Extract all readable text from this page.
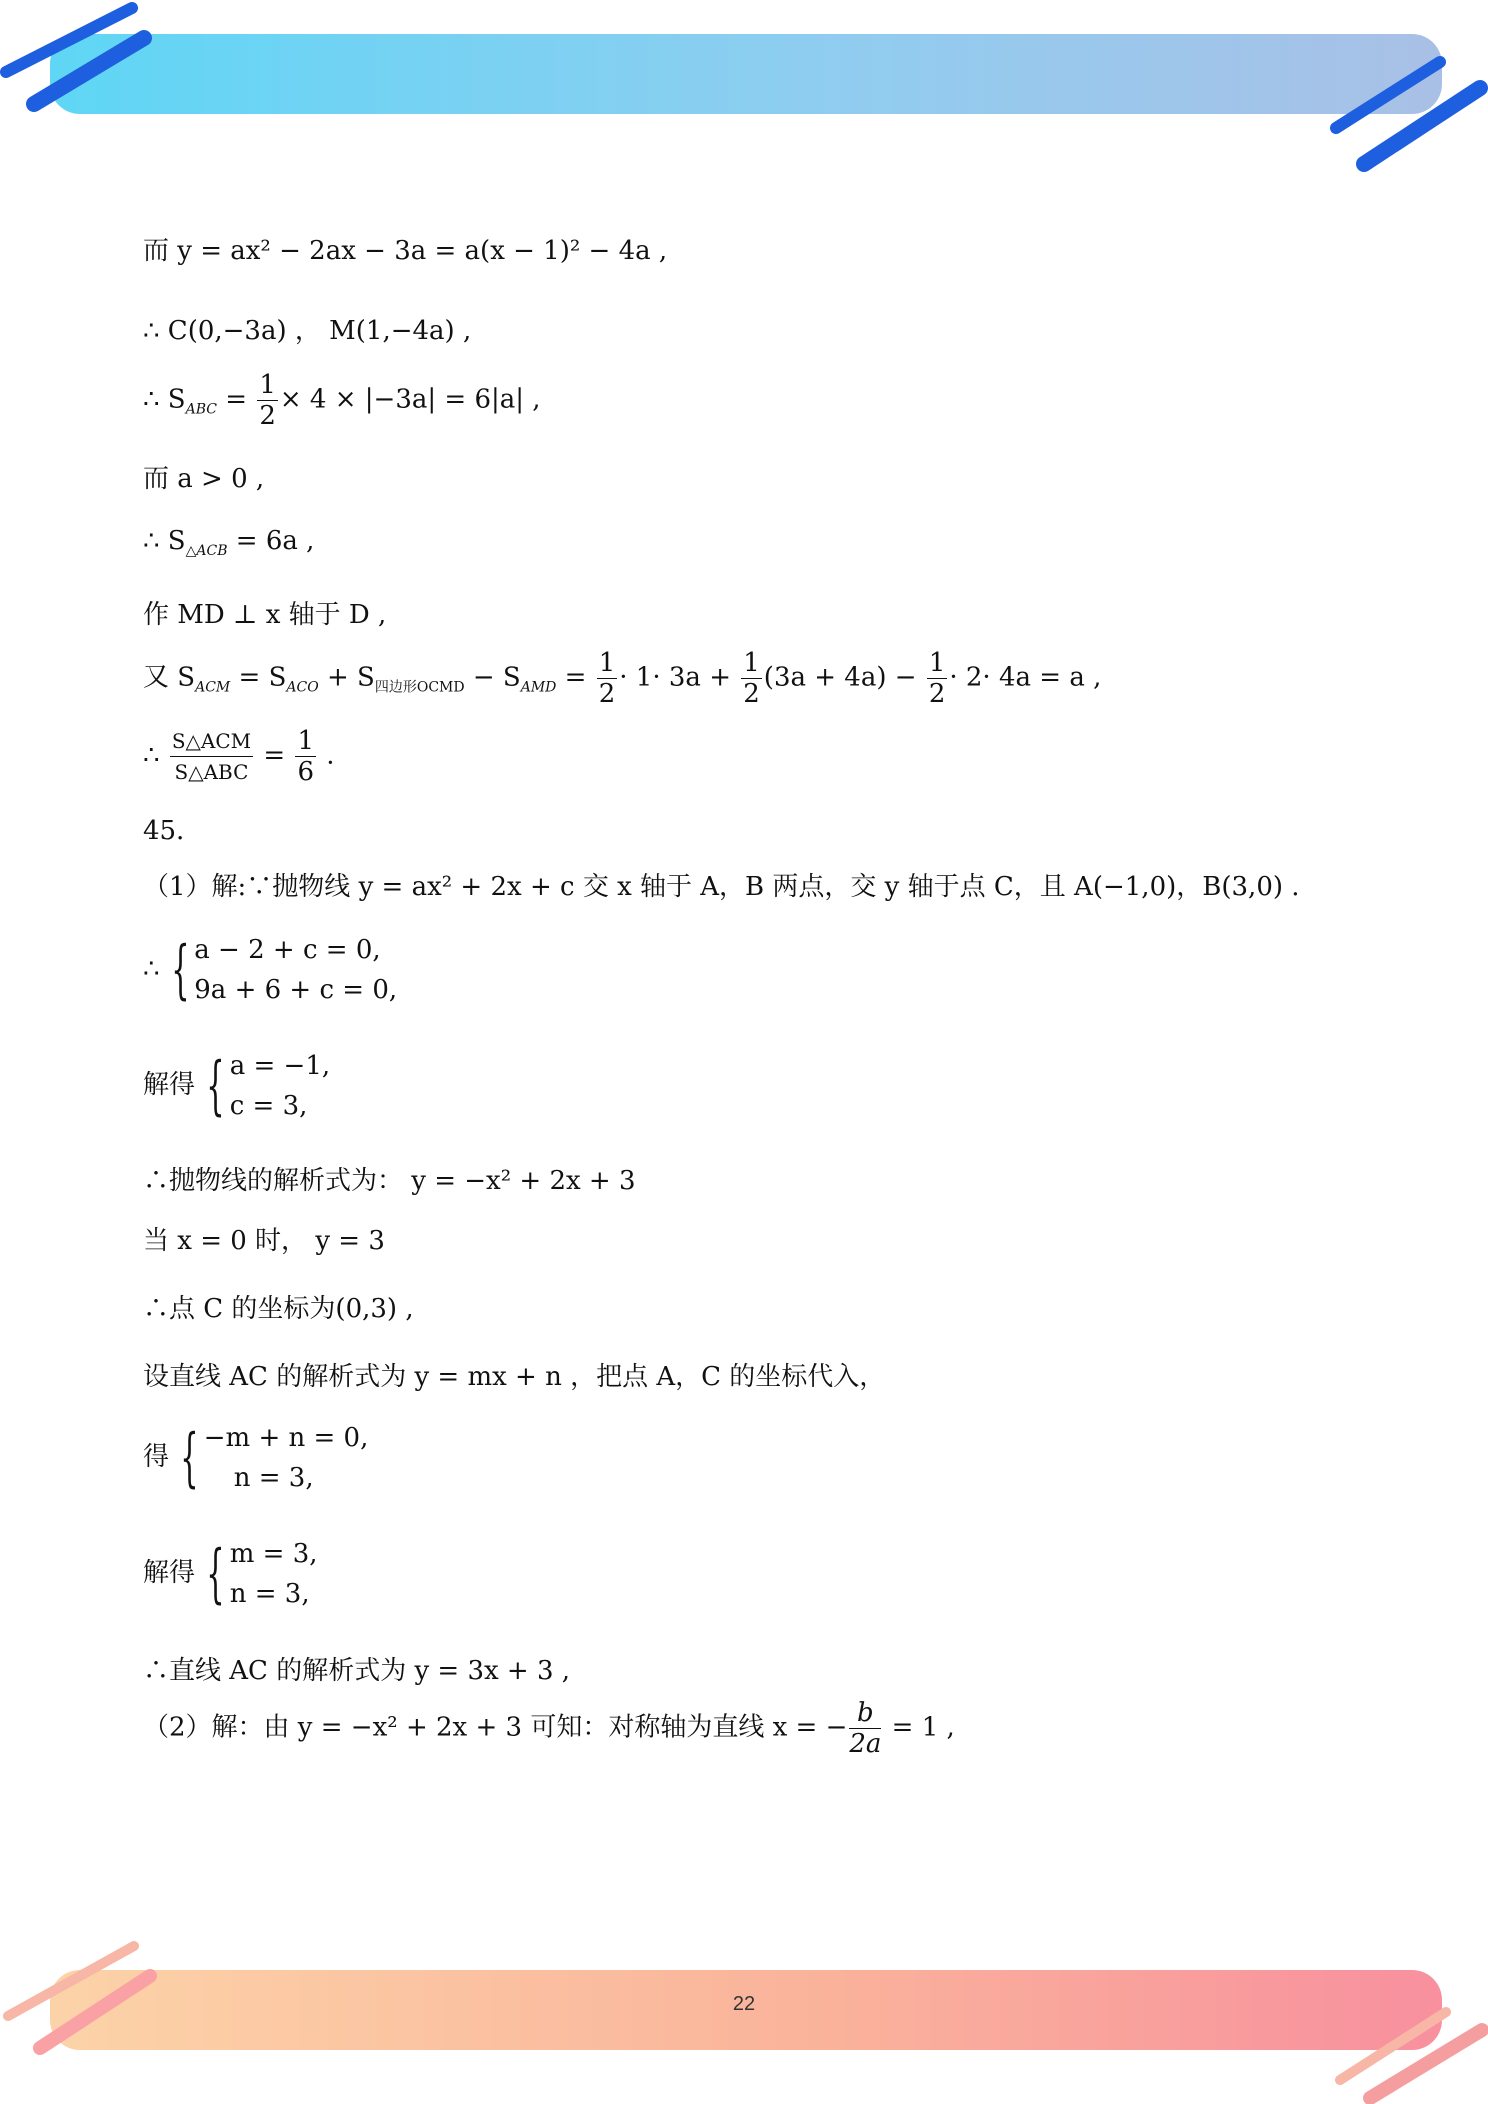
22
而 y = ax² − 2ax − 3a = a(x − 1)² − 4a ,
∴ C(0,−3a) ， M(1,−4a) ,
∴ $S_{ABC} = \frac{1}{2} \times 4 \times |-3a| = 6|a|$ ,
而 a > 0 ,
∴ $S_{\triangle ACB} = 6a$ ,
作 MD ⊥ x 轴于 D ,
又 $S_{ACM} = S_{ACO} + S_{四边形OCMD} - S_{AMD} = \frac{1}{2} \cdot 1\cdot 3a + \frac{1}{2} (3a + 4a) - \frac{1}{2} \cdot 2\cdot 4a = a$ ,
∴ $\frac{\text{S△ACM}}{\text{S△ABC}} = \frac{1}{6}$ .
45．
（1）解:∵抛物线 y = ax² + 2x + c 交 x 轴于 A，B 两点，交 y 轴于点 C，且 A(−1,0)，B(3,0) .
∴ { a − 2 + c = 0,
9a + 6 + c = 0,
解得 { a = −1,
c = 3,
∴抛物线的解析式为： y = −x² + 2x + 3
当 x = 0 时， y = 3
∴点 C 的坐标为(0,3) ,
设直线 AC 的解析式为 y = mx + n ，把点 A，C 的坐标代入，
得 { −m + n = 0,
n = 3,
解得 { m = 3,
n = 3,
∴直线 AC 的解析式为 y = 3x + 3 ,
（2）解：由 y = −x² + 2x + 3 可知：对称轴为直线 x = − $\frac{b}{2a} = 1$ ,
